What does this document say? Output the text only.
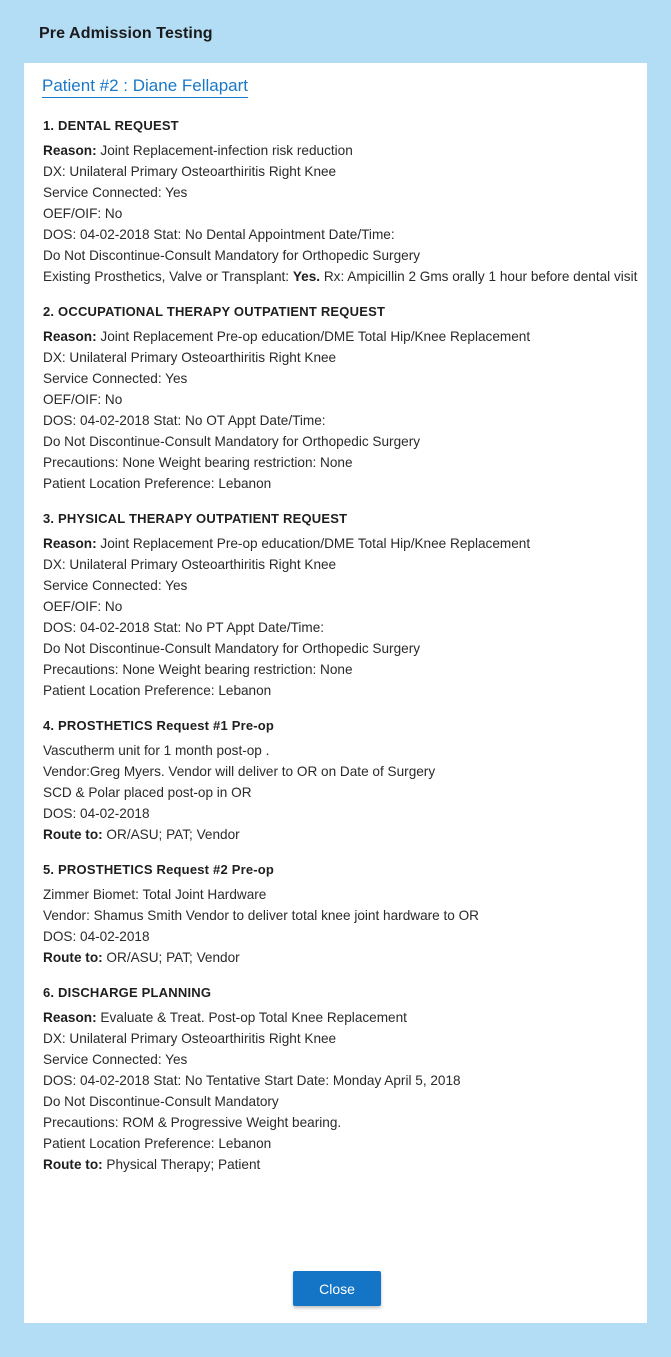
Pre Admission Testing
Patient #2 : Diane Fellapart
1. DENTAL REQUEST
Reason: Joint Replacement-infection risk reduction
DX: Unilateral Primary Osteoarthiritis Right Knee
Service Connected: Yes
OEF/OIF: No
DOS: 04-02-2018 Stat: No Dental Appointment Date/Time:
Do Not Discontinue-Consult Mandatory for Orthopedic Surgery
Existing Prosthetics, Valve or Transplant: Yes. Rx: Ampicillin 2 Gms orally 1 hour before dental visit
2. OCCUPATIONAL THERAPY OUTPATIENT REQUEST
Reason: Joint Replacement Pre-op education/DME Total Hip/Knee Replacement
DX: Unilateral Primary Osteoarthiritis Right Knee
Service Connected: Yes
OEF/OIF: No
DOS: 04-02-2018 Stat: No OT Appt Date/Time:
Do Not Discontinue-Consult Mandatory for Orthopedic Surgery
Precautions: None Weight bearing restriction: None
Patient Location Preference: Lebanon
3. PHYSICAL THERAPY OUTPATIENT REQUEST
Reason: Joint Replacement Pre-op education/DME Total Hip/Knee Replacement
DX: Unilateral Primary Osteoarthiritis Right Knee
Service Connected: Yes
OEF/OIF: No
DOS: 04-02-2018 Stat: No PT Appt Date/Time:
Do Not Discontinue-Consult Mandatory for Orthopedic Surgery
Precautions: None Weight bearing restriction: None
Patient Location Preference: Lebanon
4. PROSTHETICS Request #1 Pre-op
Vascutherm unit for 1 month post-op .
Vendor:Greg Myers. Vendor will deliver to OR on Date of Surgery
SCD & Polar placed post-op in OR
DOS: 04-02-2018
Route to: OR/ASU; PAT; Vendor
5. PROSTHETICS Request #2 Pre-op
Zimmer Biomet: Total Joint Hardware
Vendor: Shamus Smith Vendor to deliver total knee joint hardware to OR
DOS: 04-02-2018
Route to: OR/ASU; PAT; Vendor
6. DISCHARGE PLANNING
Reason: Evaluate & Treat. Post-op Total Knee Replacement
DX: Unilateral Primary Osteoarthiritis Right Knee
Service Connected: Yes
DOS: 04-02-2018 Stat: No Tentative Start Date: Monday April 5, 2018
Do Not Discontinue-Consult Mandatory
Precautions: ROM & Progressive Weight bearing.
Patient Location Preference: Lebanon
Route to: Physical Therapy; Patient
Close
